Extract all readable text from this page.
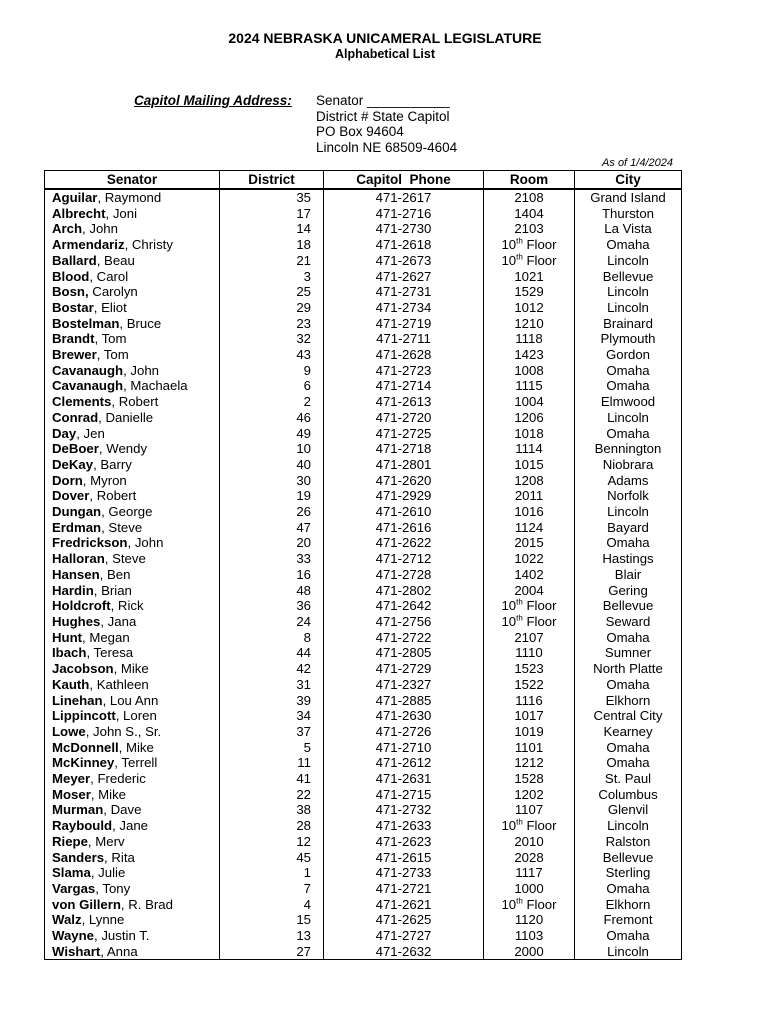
2024 NEBRASKA UNICAMERAL LEGISLATURE
Alphabetical List
Capitol Mailing Address: Senator ___________
District # State Capitol
PO Box 94604
Lincoln NE 68509-4604
As of 1/4/2024
Senator	District	Capitol  Phone	Room	City
Aguilar, Raymond	35	471-2617	2108	Grand Island
Albrecht, Joni	17	471-2716	1404	Thurston
Arch, John	14	471-2730	2103	La Vista
Armendariz, Christy	18	471-2618	10th Floor	Omaha
Ballard, Beau	21	471-2673	10th Floor	Lincoln
Blood, Carol	3	471-2627	1021	Bellevue
Bosn, Carolyn	25	471-2731	1529	Lincoln
Bostar, Eliot	29	471-2734	1012	Lincoln
Bostelman, Bruce	23	471-2719	1210	Brainard
Brandt, Tom	32	471-2711	1118	Plymouth
Brewer, Tom	43	471-2628	1423	Gordon
Cavanaugh, John	9	471-2723	1008	Omaha
Cavanaugh, Machaela	6	471-2714	1115	Omaha
Clements, Robert	2	471-2613	1004	Elmwood
Conrad, Danielle	46	471-2720	1206	Lincoln
Day, Jen	49	471-2725	1018	Omaha
DeBoer, Wendy	10	471-2718	1114	Bennington
DeKay, Barry	40	471-2801	1015	Niobrara
Dorn, Myron	30	471-2620	1208	Adams
Dover, Robert	19	471-2929	2011	Norfolk
Dungan, George	26	471-2610	1016	Lincoln
Erdman, Steve	47	471-2616	1124	Bayard
Fredrickson, John	20	471-2622	2015	Omaha
Halloran, Steve	33	471-2712	1022	Hastings
Hansen, Ben	16	471-2728	1402	Blair
Hardin, Brian	48	471-2802	2004	Gering
Holdcroft, Rick	36	471-2642	10th Floor	Bellevue
Hughes, Jana	24	471-2756	10th Floor	Seward
Hunt, Megan	8	471-2722	2107	Omaha
Ibach, Teresa	44	471-2805	1110	Sumner
Jacobson, Mike	42	471-2729	1523	North Platte
Kauth, Kathleen	31	471-2327	1522	Omaha
Linehan, Lou Ann	39	471-2885	1116	Elkhorn
Lippincott, Loren	34	471-2630	1017	Central City
Lowe, John S., Sr.	37	471-2726	1019	Kearney
McDonnell, Mike	5	471-2710	1101	Omaha
McKinney, Terrell	11	471-2612	1212	Omaha
Meyer, Frederic	41	471-2631	1528	St. Paul
Moser, Mike	22	471-2715	1202	Columbus
Murman, Dave	38	471-2732	1107	Glenvil
Raybould, Jane	28	471-2633	10th Floor	Lincoln
Riepe, Merv	12	471-2623	2010	Ralston
Sanders, Rita	45	471-2615	2028	Bellevue
Slama, Julie	1	471-2733	1117	Sterling
Vargas, Tony	7	471-2721	1000	Omaha
von Gillern, R. Brad	4	471-2621	10th Floor	Elkhorn
Walz, Lynne	15	471-2625	1120	Fremont
Wayne, Justin T.	13	471-2727	1103	Omaha
Wishart, Anna	27	471-2632	2000	Lincoln
